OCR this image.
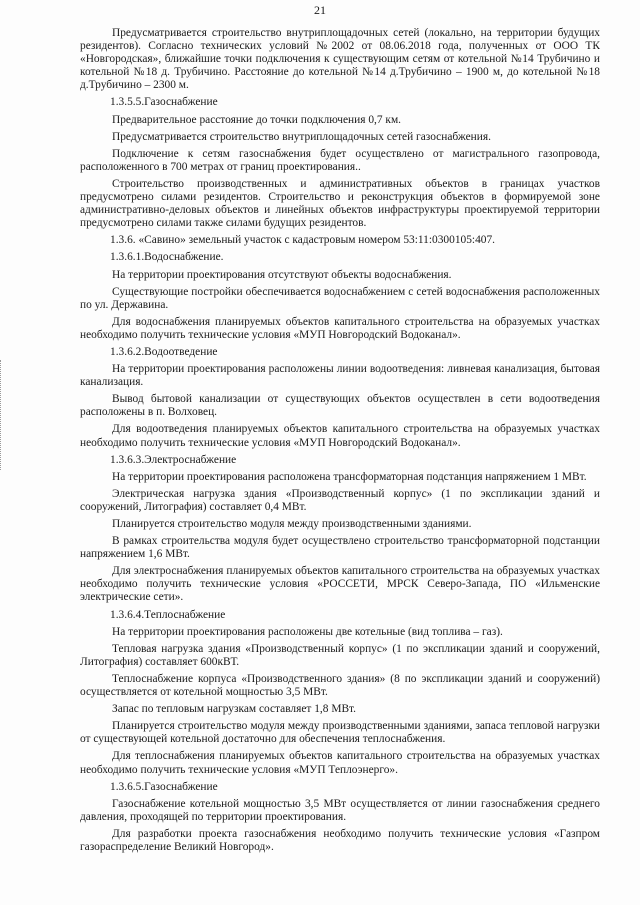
21
Предусматривается строительство внутриплощадочных сетей (локально, на территории будущих резидентов). Согласно технических условий №2002 от 08.06.2018 года, полученных от ООО ТК «Новгородская», ближайшие точки подключения к существующим сетям от котельной №14 Трубичино и котельной №18 д. Трубичино. Расстояние до котельной №14 д.Трубичино – 1900 м, до котельной №18 д.Трубичино – 2300 м.
1.3.5.5.Газоснабжение
Предварительное расстояние до точки подключения 0,7 км.
Предусматривается строительство внутриплощадочных сетей газоснабжения.
Подключение к сетям газоснабжения будет осуществлено от магистрального газопровода, расположенного в 700 метрах от границ проектирования..
Строительство производственных и административных объектов в границах участков предусмотрено силами резидентов. Строительство и реконструкция объектов в формируемой зоне административно-деловых объектов и линейных объектов инфраструктуры проектируемой территории предусмотрено силами также силами будущих резидентов.
1.3.6. «Савино» земельный участок с кадастровым номером 53:11:0300105:407.
1.3.6.1.Водоснабжение.
На территории проектирования отсутствуют объекты водоснабжения.
Существующие постройки обеспечивается водоснабжением с сетей водоснабжения расположенных по ул. Державина.
Для водоснабжения планируемых объектов капитального строительства на образуемых участках необходимо получить технические условия «МУП Новгородский Водоканал».
1.3.6.2.Водоотведение
На территории проектирования расположены линии водоотведения: ливневая канализация, бытовая канализация.
Вывод бытовой канализации от существующих объектов осуществлен в сети водоотведения расположены в п. Волховец.
Для водоотведения планируемых объектов капитального строительства на образуемых участках необходимо получить технические условия «МУП Новгородский Водоканал».
1.3.6.3.Электроснабжение
На территории проектирования расположена трансформаторная подстанция напряжением 1 МВт.
Электрическая нагрузка здания «Производственный корпус» (1 по экспликации зданий и сооружений, Литография) составляет 0,4 МВт.
Планируется строительство модуля между производственными зданиями.
В рамках строительства модуля будет осуществлено строительство трансформаторной подстанции напряжением 1,6 МВт.
Для электроснабжения планируемых объектов капитального строительства на образуемых участках необходимо получить технические условия «РОССЕТИ, МРСК Северо-Запада, ПО «Ильменские электрические сети».
1.3.6.4.Теплоснабжение
На территории проектирования расположены две котельные (вид топлива – газ).
Тепловая нагрузка здания «Производственный корпус» (1 по экспликации зданий и сооружений, Литография) составляет 600кВТ.
Теплоснабжение корпуса «Производственного здания» (8 по экспликации зданий и сооружений) осуществляется от котельной мощностью 3,5 МВт.
Запас по тепловым нагрузкам составляет 1,8 МВт.
Планируется строительство модуля между производственными зданиями, запаса тепловой нагрузки от существующей котельной достаточно для обеспечения теплоснабжения.
Для теплоснабжения планируемых объектов капитального строительства на образуемых участках необходимо получить технические условия «МУП Теплоэнерго».
1.3.6.5.Газоснабжение
Газоснабжение котельной мощностью 3,5 МВт осуществляется от линии газоснабжения среднего давления, проходящей по территории проектирования.
Для разработки проекта газоснабжения необходимо получить технические условия «Газпром газораспределение Великий Новгород».
